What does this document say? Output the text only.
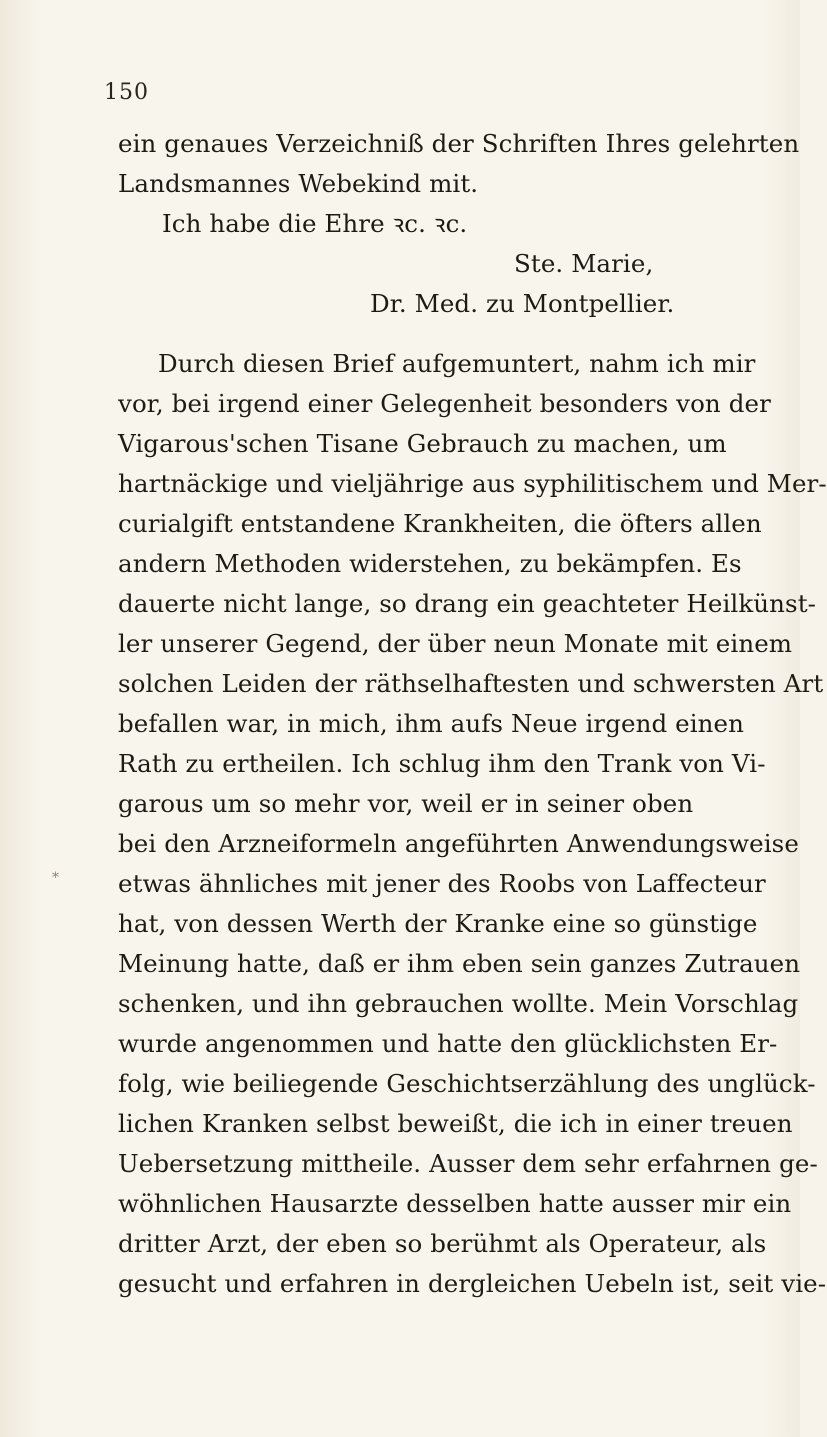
150
*
ein genaues Verzeichniß der Schriften Ihres gelehrten
Landsmannes Webekind mit.
Ich habe die Ehre ꝛc. ꝛc.
Ste. Marie,
Dr. Med. zu Montpellier.
Durch diesen Brief aufgemuntert, nahm ich mir
vor, bei irgend einer Gelegenheit besonders von der
Vigarous'schen Tisane Gebrauch zu machen, um
hartnäckige und vieljährige aus syphilitischem und Mer-
curialgift entstandene Krankheiten, die öfters allen
andern Methoden widerstehen, zu bekämpfen. Es
dauerte nicht lange, so drang ein geachteter Heilkünst-
ler unserer Gegend, der über neun Monate mit einem
solchen Leiden der räthselhaftesten und schwersten Art
befallen war, in mich, ihm aufs Neue irgend einen
Rath zu ertheilen. Ich schlug ihm den Trank von Vi-
garous um so mehr vor, weil er in seiner oben
bei den Arzneiformeln angeführten Anwendungsweise
etwas ähnliches mit jener des Roobs von Laffecteur
hat, von dessen Werth der Kranke eine so günstige
Meinung hatte, daß er ihm eben sein ganzes Zutrauen
schenken, und ihn gebrauchen wollte. Mein Vorschlag
wurde angenommen und hatte den glücklichsten Er-
folg, wie beiliegende Geschichtserzählung des unglück-
lichen Kranken selbst beweißt, die ich in einer treuen
Uebersetzung mittheile. Ausser dem sehr erfahrnen ge-
wöhnlichen Hausarzte desselben hatte ausser mir ein
dritter Arzt, der eben so berühmt als Operateur, als
gesucht und erfahren in dergleichen Uebeln ist, seit vie-
